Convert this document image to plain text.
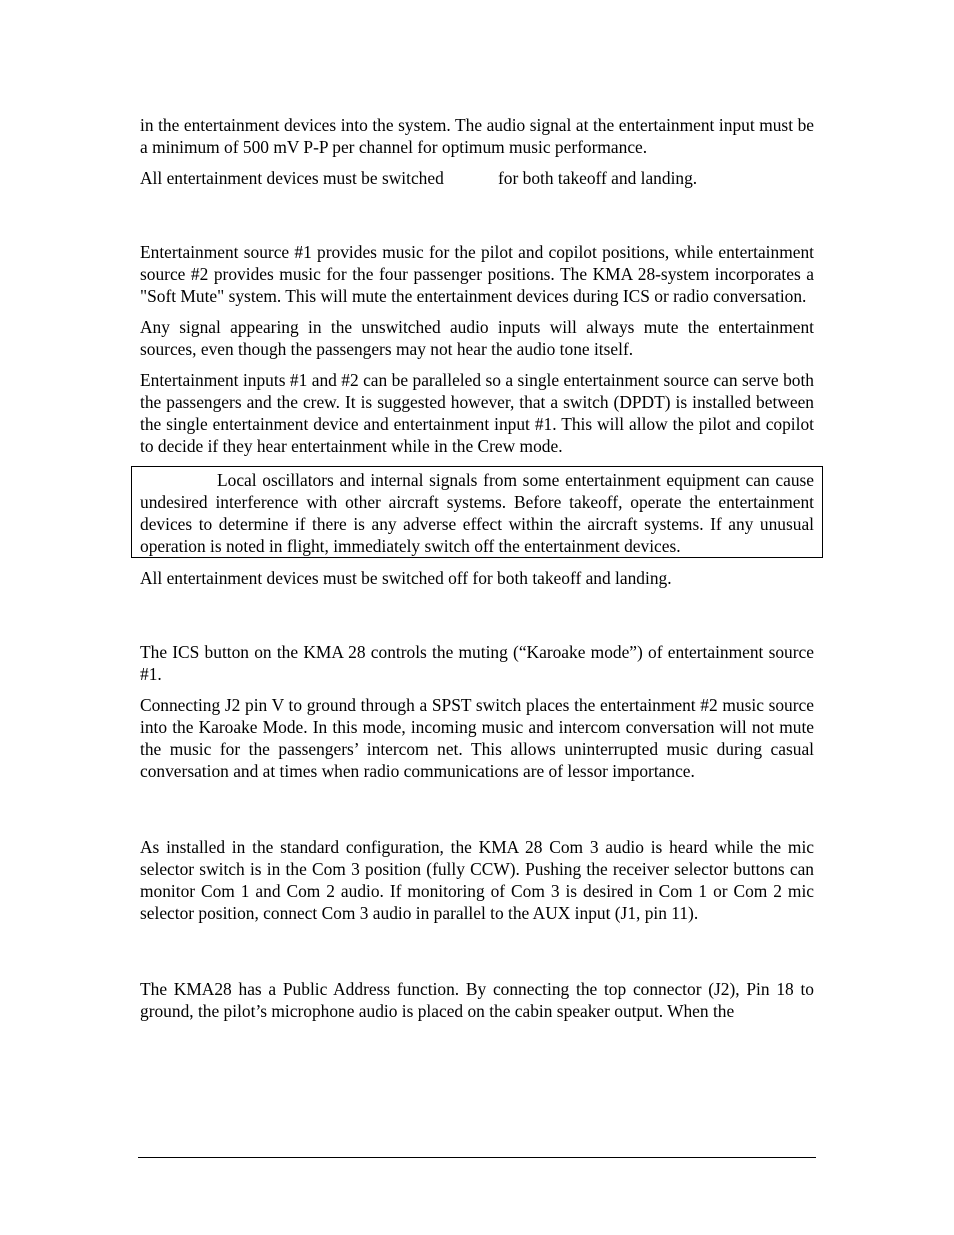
in the entertainment devices into the system. The audio signal at the entertainment input must be a minimum of 500 mV P-P per channel for optimum music performance.

All entertainment devices must be switched	for both takeoff and landing.

Entertainment source #1 provides music for the pilot and copilot positions, while entertainment source #2 provides music for the four passenger positions. The KMA 28-system incorporates a "Soft Mute" system. This will mute the entertainment devices during ICS or radio conversation.

Any signal appearing in the unswitched audio inputs will always mute the entertainment sources, even though the passengers may not hear the audio tone itself.

Entertainment inputs #1 and #2 can be paralleled so a single entertainment source can serve both the passengers and the crew. It is suggested however, that a switch (DPDT) is installed between the single entertainment device and entertainment input #1. This will allow the pilot and copilot to decide if they hear entertainment while in the Crew mode.

Local oscillators and internal signals from some entertainment equipment can cause undesired interference with other aircraft systems. Before takeoff, operate the entertainment devices to determine if there is any adverse effect within the aircraft systems. If any unusual operation is noted in flight, immediately switch off the entertainment devices.

All entertainment devices must be switched off for both takeoff and landing.

The ICS button on the KMA 28 controls the muting (“Karoake mode”) of entertainment source #1.

Connecting J2 pin V to ground through a SPST switch places the entertainment #2 music source into the Karoake Mode. In this mode, incoming music and intercom conversation will not mute the music for the passengers’ intercom net. This allows uninterrupted music during casual conversation and at times when radio communications are of lessor importance.

As installed in the standard configuration, the KMA 28 Com 3 audio is heard while the mic selector switch is in the Com 3 position (fully CCW). Pushing the receiver selector buttons can monitor Com 1 and Com 2 audio. If monitoring of Com 3 is desired in Com 1 or Com 2 mic selector position, connect Com 3 audio in parallel to the AUX input (J1, pin 11).

The KMA28 has a Public Address function. By connecting the top connector (J2), Pin 18 to ground, the pilot’s microphone audio is placed on the cabin speaker output. When the
